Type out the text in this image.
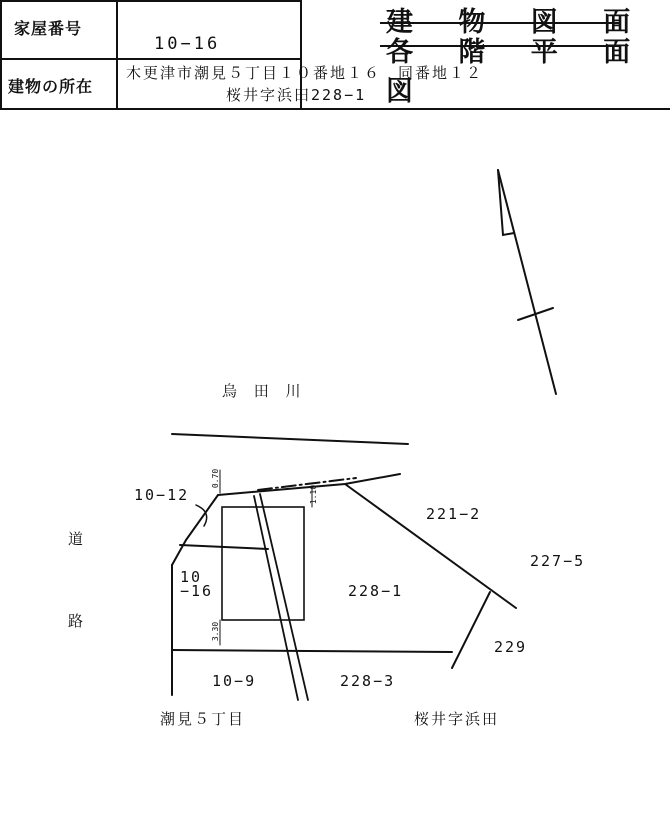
家屋番号
10−16
建物の所在
木更津市潮見５丁目１０番地１６　同番地１２
桜井字浜田228−1
建 物 図 面
各 階 平 面 図
烏 田 川
道
路
10−12
10
−16
221−2
227−5
228−1
229
10−9	228−3
潮見５丁目	桜井字浜田
0.70
1.10
3.30
